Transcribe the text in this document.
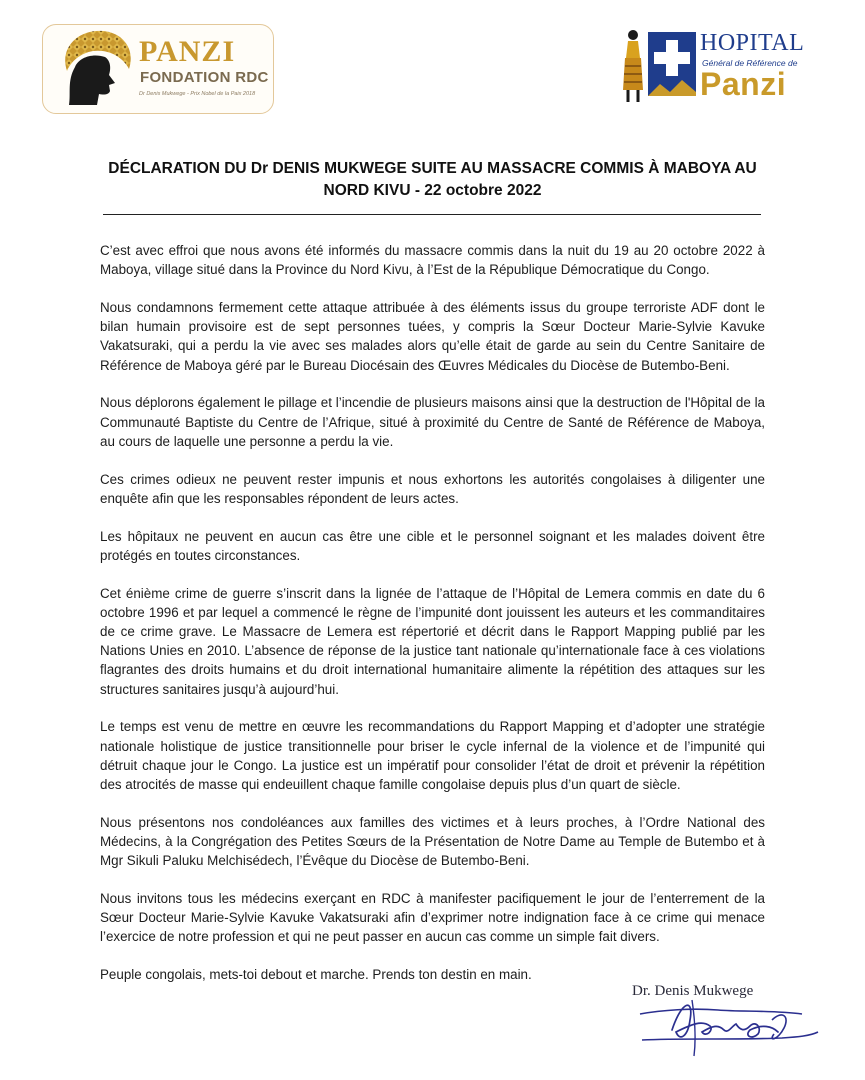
PANZI
FONDATION RDC
Dr Denis Mukwege - Prix Nobel de la Paix 2018
HOPITAL
Général de Référence de
Panzi
DÉCLARATION DU Dr DENIS MUKWEGE SUITE AU MASSACRE COMMIS À MABOYA AU NORD KIVU - 22 octobre 2022

C’est avec effroi que nous avons été informés du massacre commis dans la nuit du 19 au 20 octobre 2022 à Maboya, village situé dans la Province du Nord Kivu, à l’Est de la République Démocratique du Congo.

Nous condamnons fermement cette attaque attribuée à des éléments issus du groupe terroriste ADF dont le bilan humain provisoire est de sept personnes tuées, y compris la Sœur Docteur Marie-Sylvie Kavuke Vakatsuraki, qui a perdu la vie avec ses malades alors qu’elle était de garde au sein du Centre Sanitaire de Référence de Maboya géré par le Bureau Diocésain des Œuvres Médicales du Diocèse de Butembo-Beni.

Nous déplorons également le pillage et l’incendie de plusieurs maisons ainsi que la destruction de l'Hôpital de la Communauté Baptiste du Centre de l’Afrique, situé à proximité du Centre de Santé de Référence de Maboya, au cours de laquelle une personne a perdu la vie.

Ces crimes odieux ne peuvent rester impunis et nous exhortons les autorités congolaises à diligenter une enquête afin que les responsables répondent de leurs actes.

Les hôpitaux ne peuvent en aucun cas être une cible et le personnel soignant et les malades doivent être protégés en toutes circonstances.

Cet énième crime de guerre s’inscrit dans la lignée de l’attaque de l’Hôpital de Lemera commis en date du 6 octobre 1996 et par lequel a commencé le règne de l’impunité dont jouissent les auteurs et les commanditaires de ce crime grave. Le Massacre de Lemera est répertorié et décrit dans le Rapport Mapping publié par les Nations Unies en 2010. L’absence de réponse de la justice tant nationale qu’internationale face à ces violations flagrantes des droits humains et du droit international humanitaire alimente la répétition des attaques sur les structures sanitaires jusqu’à aujourd’hui.

Le temps est venu de mettre en œuvre les recommandations du Rapport Mapping et d’adopter une stratégie nationale holistique de justice transitionnelle pour briser le cycle infernal de la violence et de l’impunité qui détruit chaque jour le Congo. La justice est un impératif pour consolider l’état de droit et prévenir la répétition des atrocités de masse qui endeuillent chaque famille congolaise depuis plus d’un quart de siècle.

Nous présentons nos condoléances aux familles des victimes et à leurs proches, à l’Ordre National des Médecins, à la Congrégation des Petites Sœurs de la Présentation de Notre Dame au Temple de Butembo et à Mgr Sikuli Paluku Melchisédech, l’Évêque du Diocèse de Butembo-Beni.

Nous invitons tous les médecins exerçant en RDC à manifester pacifiquement le jour de l’enterrement de la Sœur Docteur Marie-Sylvie Kavuke Vakatsuraki afin d’exprimer notre indignation face à ce crime qui menace l’exercice de notre profession et qui ne peut passer en aucun cas comme un simple fait divers.

Peuple congolais, mets-toi debout et marche. Prends ton destin en main.

Dr. Denis Mukwege
